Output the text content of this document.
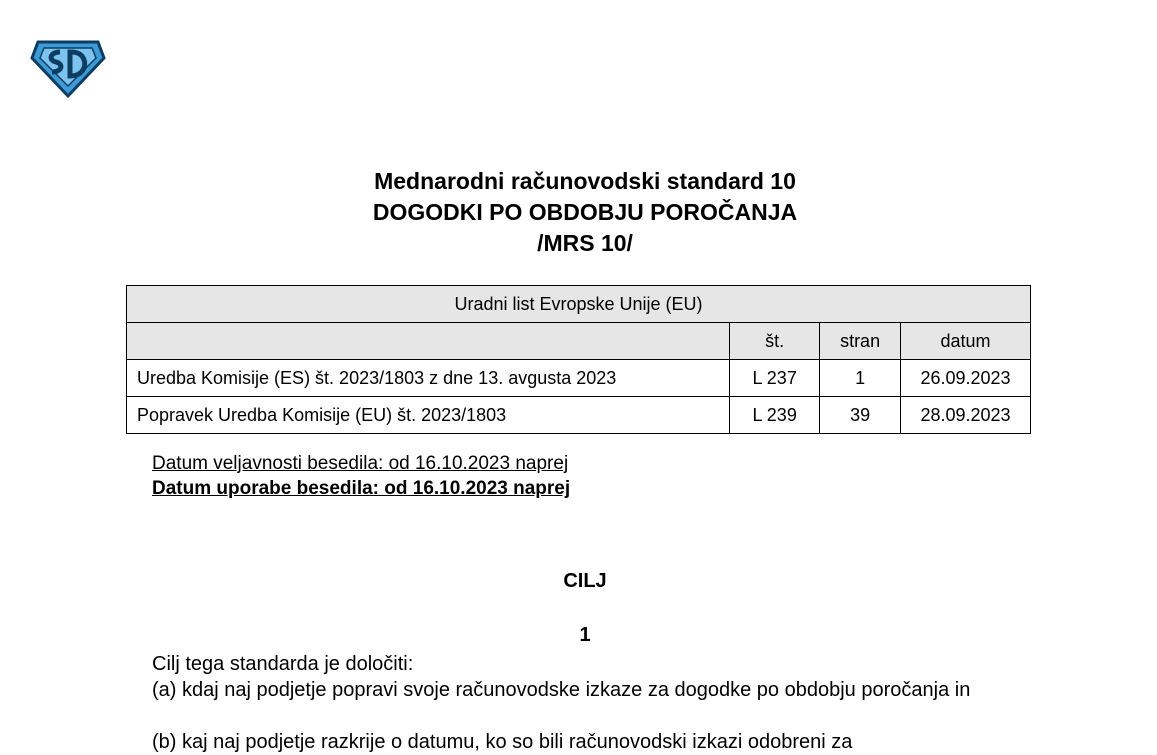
Mednarodni računovodski standard 10
DOGODKI PO OBDOBJU POROČANJA
/MRS 10/
Uradni list Evropske Unije (EU)			
	št.	stran	datum
Uredba Komisije (ES) št. 2023/1803 z dne 13. avgusta 2023	L 237	1	26.09.2023
Popravek Uredba Komisije (EU) št. 2023/1803	L 239	39	28.09.2023
Datum veljavnosti besedila: od 16.10.2023 naprej
Datum uporabe besedila: od 16.10.2023 naprej
CILJ
1
Cilj tega standarda je določiti:
(a) kdaj naj podjetje popravi svoje računovodske izkaze za dogodke po obdobju poročanja in
(b) kaj naj podjetje razkrije o datumu, ko so bili računovodski izkazi odobreni za
